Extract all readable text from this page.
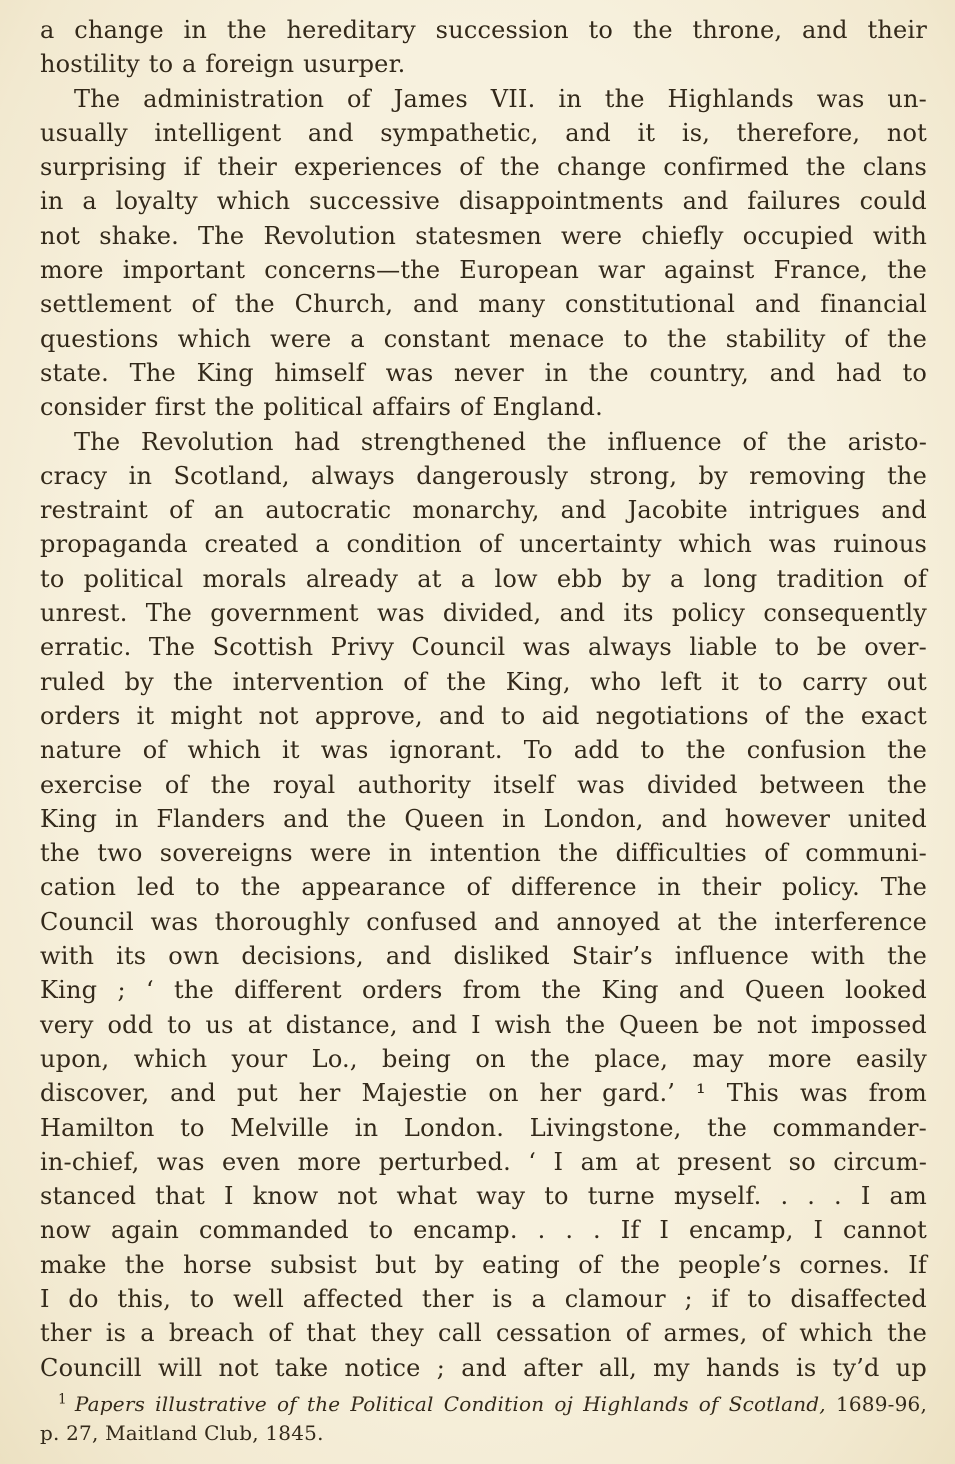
a change in the hereditary succession to the throne, and their
hostility to a foreign usurper.
The administration of James VII. in the Highlands was un-
usually intelligent and sympathetic, and it is, therefore, not
surprising if their experiences of the change confirmed the clans
in a loyalty which successive disappointments and failures could
not shake. The Revolution statesmen were chiefly occupied with
more important concerns—the European war against France, the
settlement of the Church, and many constitutional and financial
questions which were a constant menace to the stability of the
state. The King himself was never in the country, and had to
consider first the political affairs of England.
The Revolution had strengthened the influence of the aristo-
cracy in Scotland, always dangerously strong, by removing the
restraint of an autocratic monarchy, and Jacobite intrigues and
propaganda created a condition of uncertainty which was ruinous
to political morals already at a low ebb by a long tradition of
unrest. The government was divided, and its policy consequently
erratic. The Scottish Privy Council was always liable to be over-
ruled by the intervention of the King, who left it to carry out
orders it might not approve, and to aid negotiations of the exact
nature of which it was ignorant. To add to the confusion the
exercise of the royal authority itself was divided between the
King in Flanders and the Queen in London, and however united
the two sovereigns were in intention the difficulties of communi-
cation led to the appearance of difference in their policy. The
Council was thoroughly confused and annoyed at the interference
with its own decisions, and disliked Stair’s influence with the
King ; ‘ the different orders from the King and Queen looked
very odd to us at distance, and I wish the Queen be not impossed
upon, which your Lo., being on the place, may more easily
discover, and put her Majestie on her gard.’ ¹ This was from
Hamilton to Melville in London. Livingstone, the commander-
in-chief, was even more perturbed. ‘ I am at present so circum-
stanced that I know not what way to turne myself. . . . I am
now again commanded to encamp. . . . If I encamp, I cannot
make the horse subsist but by eating of the people’s cornes. If
I do this, to well affected ther is a clamour ; if to disaffected
ther is a breach of that they call cessation of armes, of which the
Councill will not take notice ; and after all, my hands is ty’d up
$^1$ Papers illustrative of the Political Condition oj Highlands of Scotland, 1689-96,
p. 27, Maitland Club, 1845.
